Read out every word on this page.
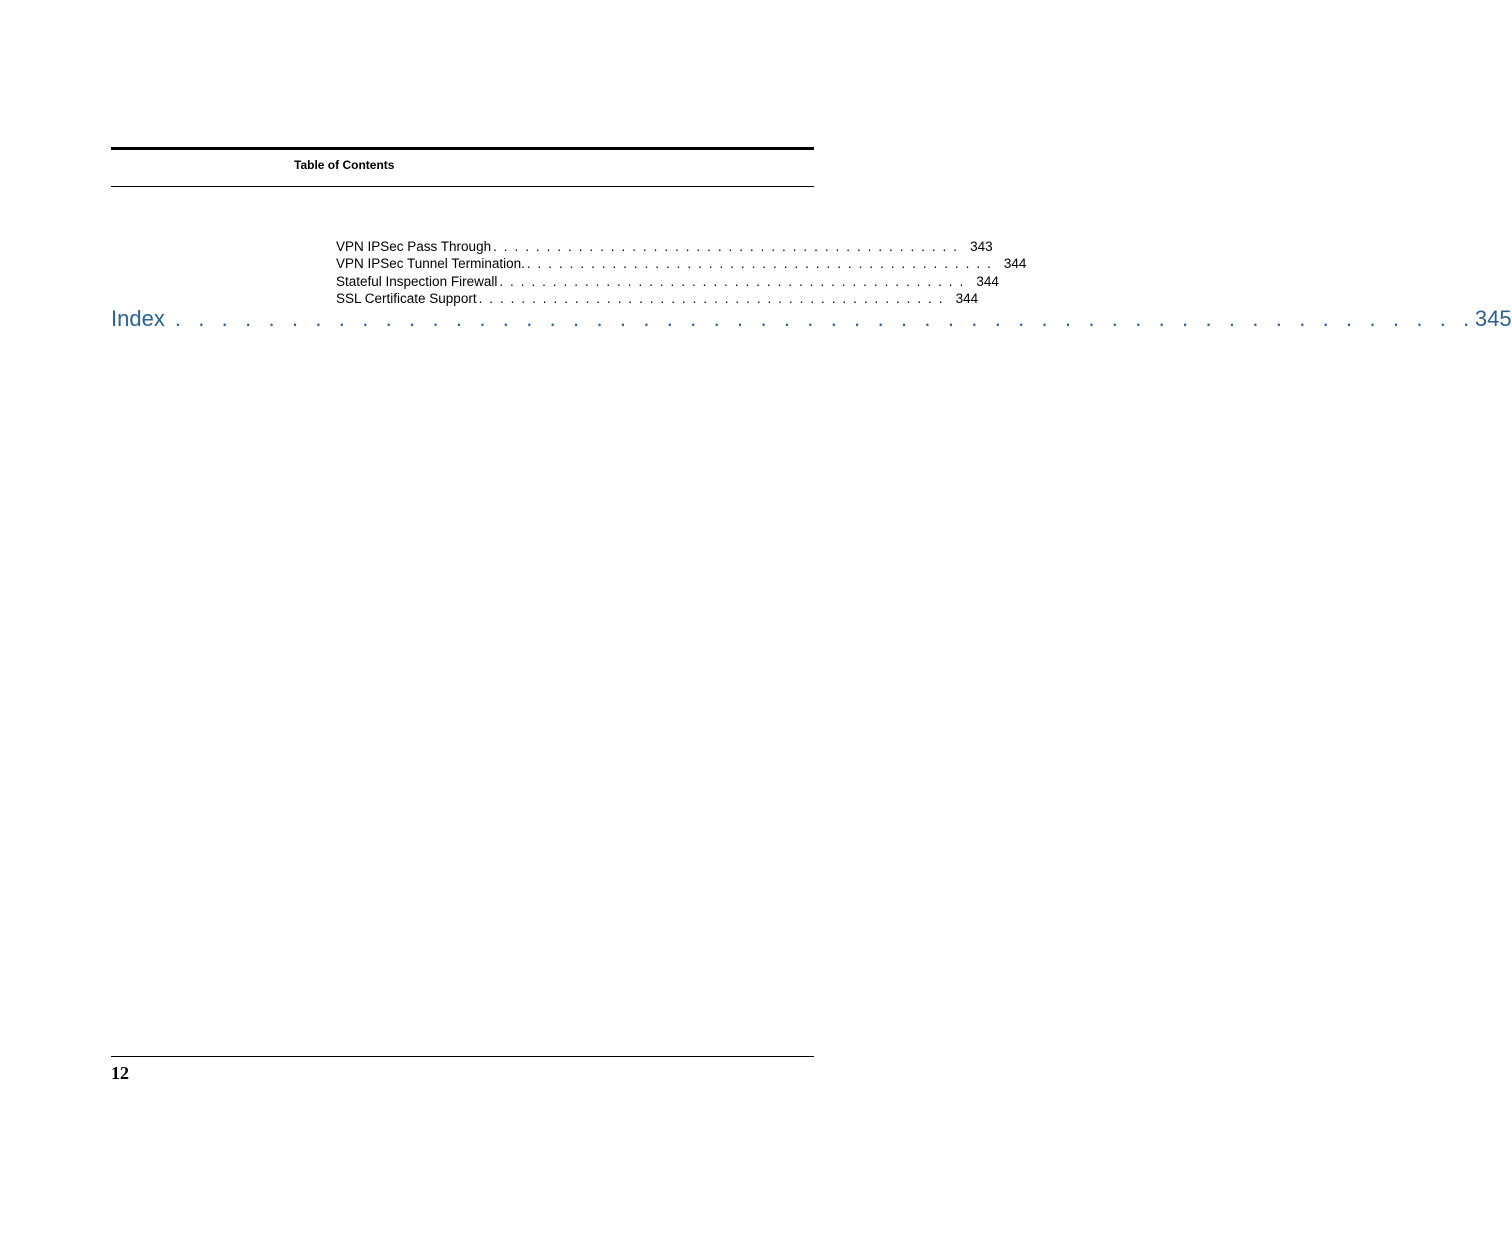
Table of Contents
VPN IPSec Pass Through . . . . . . . . . . . . . . . . . . . . . . . . . . . . . . . . . . . . . . . . . . . . 343
VPN IPSec Tunnel Termination. . . . . . . . . . . . . . . . . . . . . . . . . . . . . . . . . . . . . . . . . . . . . 344
Stateful Inspection Firewall . . . . . . . . . . . . . . . . . . . . . . . . . . . . . . . . . . . . . . . . . . . . 344
SSL Certificate Support . . . . . . . . . . . . . . . . . . . . . . . . . . . . . . . . . . . . . . . . . . . . 344
Index . . . . . . . . . . . . . . . . . . . . . . . . . . . . . . . . . . . . . . . . . . . . . . . . . . . . . . . . 345
12
